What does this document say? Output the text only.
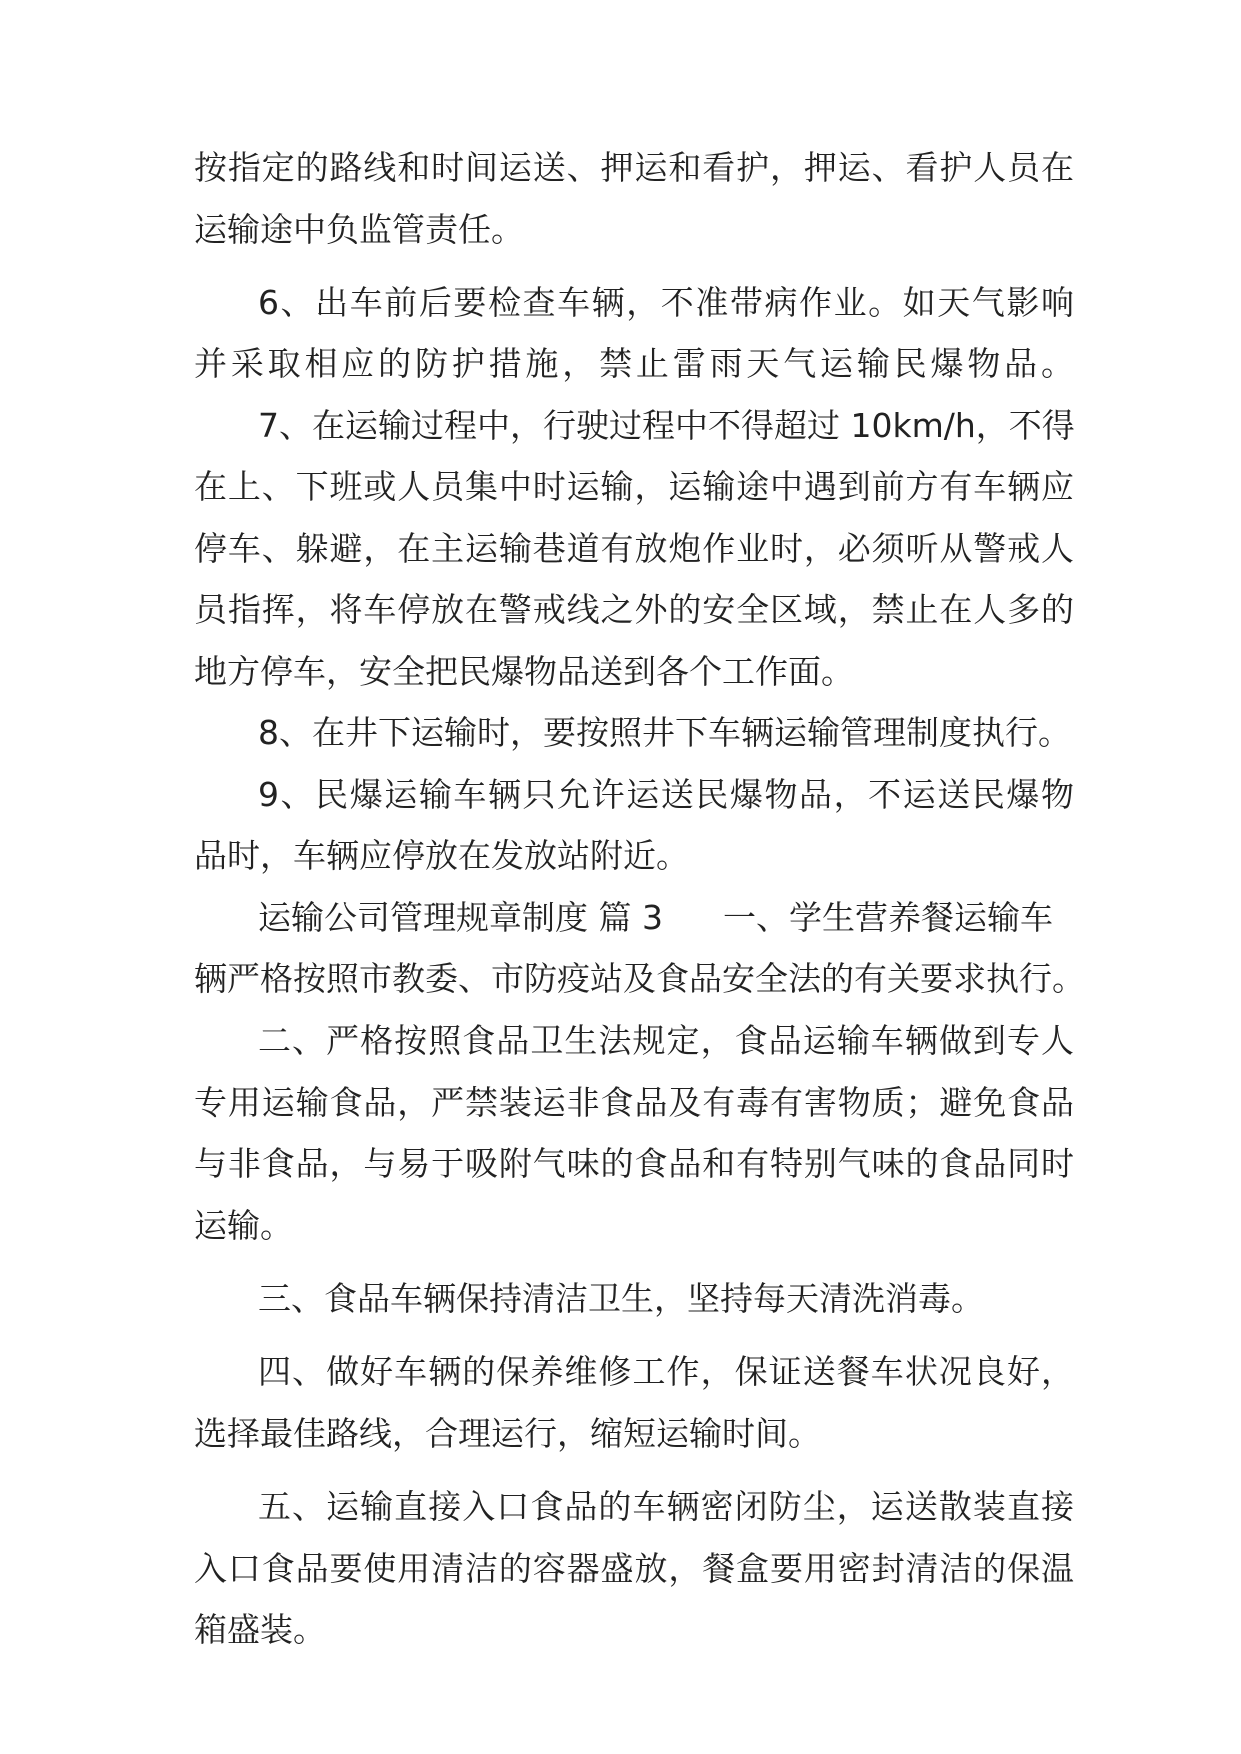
按指定的路线和时间运送、押运和看护，押运、看护人员在
运输途中负监管责任。
6、出车前后要检查车辆，不准带病作业。如天气影响
并采取相应的防护措施，禁止雷雨天气运输民爆物品。
7、在运输过程中，行驶过程中不得超过 10km/h，不得
在上、下班或人员集中时运输，运输途中遇到前方有车辆应
停车、躲避，在主运输巷道有放炮作业时，必须听从警戒人
员指挥，将车停放在警戒线之外的安全区域，禁止在人多的
地方停车，安全把民爆物品送到各个工作面。
8、在井下运输时，要按照井下车辆运输管理制度执行。
9、民爆运输车辆只允许运送民爆物品，不运送民爆物
品时，车辆应停放在发放站附近。
运输公司管理规章制度 篇 3 一、学生营养餐运输车
辆严格按照市教委、市防疫站及食品安全法的有关要求执行。
二、严格按照食品卫生法规定，食品运输车辆做到专人
专用运输食品，严禁装运非食品及有毒有害物质；避免食品
与非食品，与易于吸附气味的食品和有特别气味的食品同时
运输。
三、食品车辆保持清洁卫生，坚持每天清洗消毒。
四、做好车辆的保养维修工作，保证送餐车状况良好，
选择最佳路线，合理运行，缩短运输时间。
五、运输直接入口食品的车辆密闭防尘，运送散装直接
入口食品要使用清洁的容器盛放，餐盒要用密封清洁的保温
箱盛装。
